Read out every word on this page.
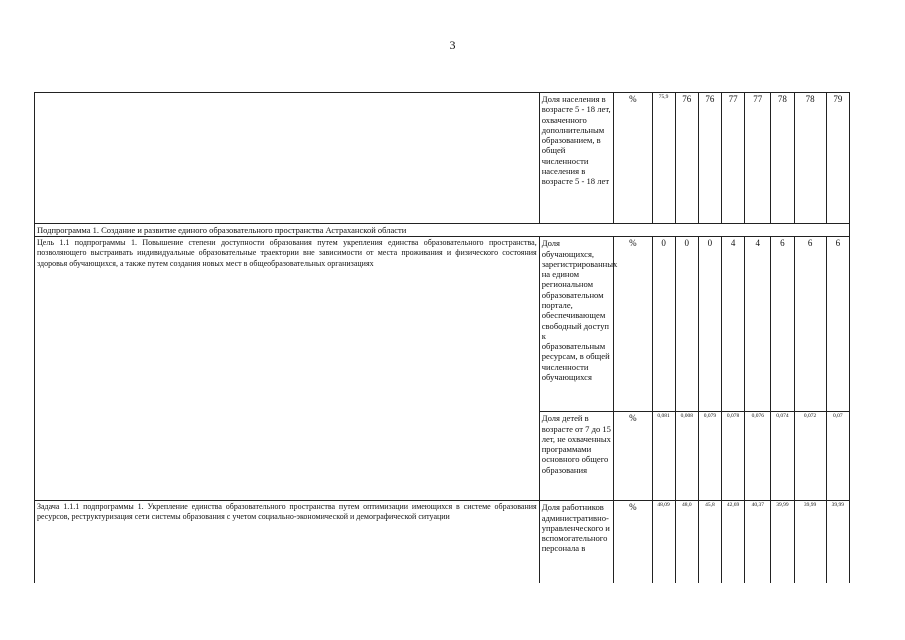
3
	Доля населения в возрасте 5 - 18 лет, охваченного дополнительным образованием, в общей численности населения в возрасте 5 - 18 лет	%	75,9	76	76	77	77	78	78	79
Подпрограмма 1. Создание и развитие единого образовательного пространства Астраханской области										
Цель 1.1 подпрограммы 1. Повышение степени доступности образования путем укрепления единства образовательного пространства, позволяющего выстраивать индивидуальные образовательные траектории вне зависимости от места проживания и физического состояния здоровья обучающихся, а также путем создания новых мест в общеобразовательных организациях	Доля обучающихся, зарегистрированных на едином региональном образовательном портале, обеспечивающем свободный доступ к образовательным ресурсам, в общей численности обучающихся	%	0	0	0	4	4	6	6	6
	Доля детей в возрасте от 7 до 15 лет, не охваченных программами основного общего образования	%	0,081	0,008	0,079	0,078	0,076	0,074	0,072	0,07
Задача 1.1.1 подпрограммы 1. Укрепление единства образовательного пространства путем оптимизации имеющихся в системе образования ресурсов, реструктуризация сети системы образования с учетом социально-экономической и демографической ситуации	Доля работников административно-управленческого и вспомогательного персонала в	%	48,09	48,0	45,8	42,69	40,37	39,99	39,99	39,99
